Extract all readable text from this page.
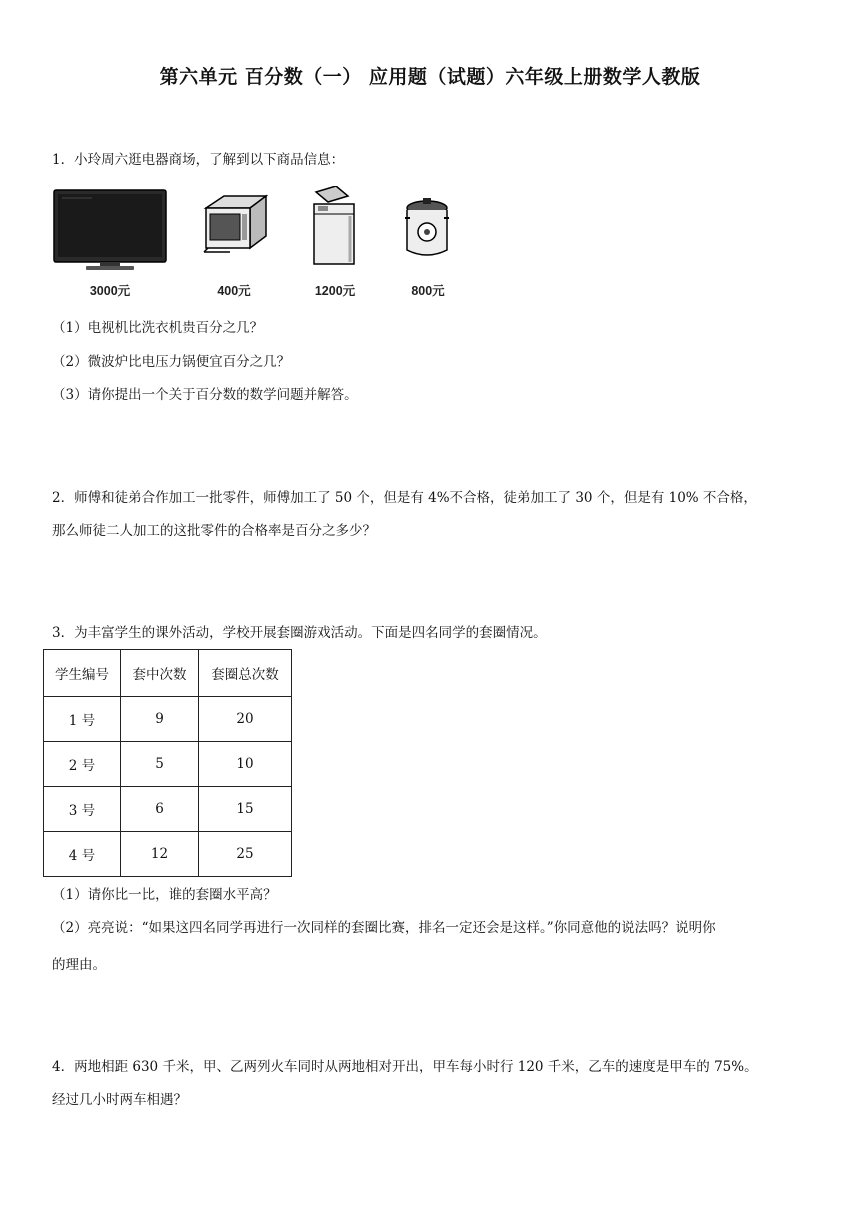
第六单元 百分数（一） 应用题（试题）六年级上册数学人教版
1．小玲周六逛电器商场，了解到以下商品信息：
3000元	400元	1200元	800元
（1）电视机比洗衣机贵百分之几？
（2）微波炉比电压力锅便宜百分之几？
（3）请你提出一个关于百分数的数学问题并解答。
2．师傅和徒弟合作加工一批零件，师傅加工了 50 个，但是有 4%不合格，徒弟加工了 30 个，但是有 10% 不合格，
那么师徒二人加工的这批零件的合格率是百分之多少？
3．为丰富学生的课外活动，学校开展套圈游戏活动。下面是四名同学的套圈情况。
学生编号	套中次数	套圈总次数
1 号	9	20
2 号	5	10
3 号	6	15
4 号	12	25
（1）请你比一比，谁的套圈水平高？
（2）亮亮说：“如果这四名同学再进行一次同样的套圈比赛，排名一定还会是这样。”你同意他的说法吗？说明你
的理由。
4．两地相距 630 千米，甲、乙两列火车同时从两地相对开出，甲车每小时行 120 千米，乙车的速度是甲车的 75%。
经过几小时两车相遇？
